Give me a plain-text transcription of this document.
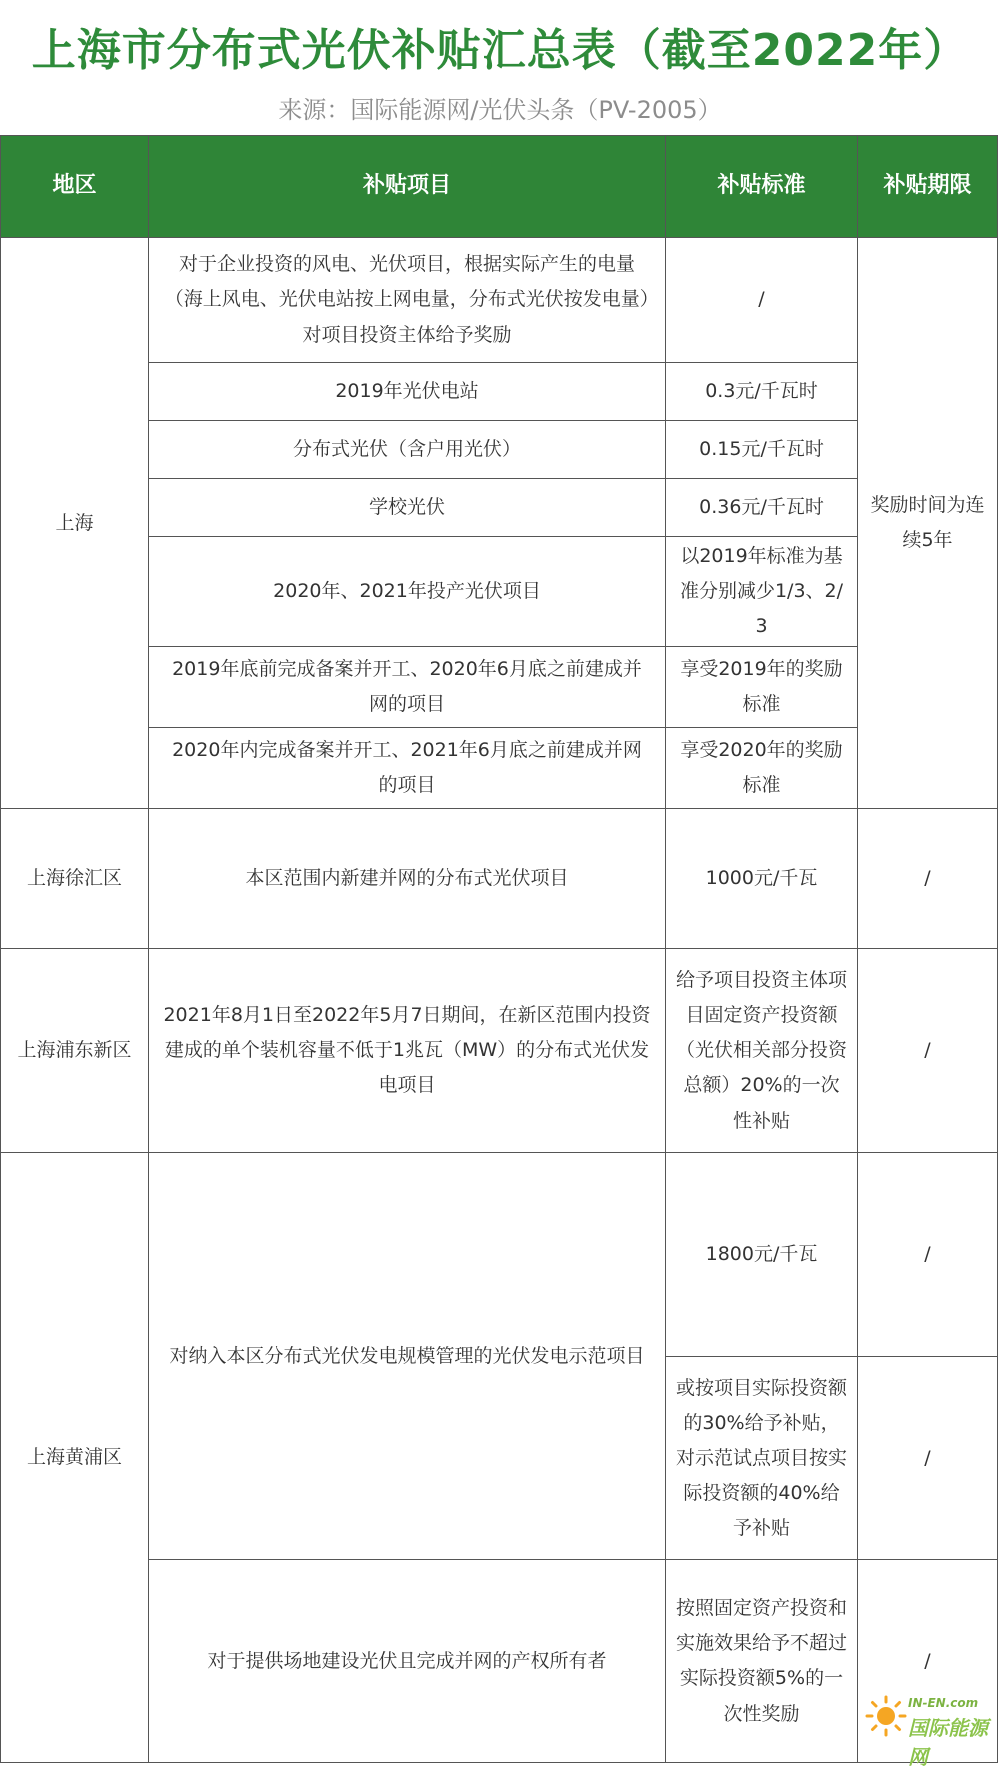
上海市分布式光伏补贴汇总表（截至2022年）
来源：国际能源网/光伏头条（PV-2005）
地区	补贴项目	补贴标准	补贴期限
上海	对于企业投资的风电、光伏项目，根据实际产生的电量（海上风电、光伏电站按上网电量，分布式光伏按发电量）对项目投资主体给予奖励	/	奖励时间为连续5年
	2019年光伏电站	0.3元/千瓦时	
	分布式光伏（含户用光伏）	0.15元/千瓦时	
	学校光伏	0.36元/千瓦时	
	2020年、2021年投产光伏项目	以2019年标准为基准分别减少1/3、2/3	
	2019年底前完成备案并开工、2020年6月底之前建成并网的项目	享受2019年的奖励标准	
	2020年内完成备案并开工、2021年6月底之前建成并网的项目	享受2020年的奖励标准	
上海徐汇区	本区范围内新建并网的分布式光伏项目	1000元/千瓦	/
上海浦东新区	2021年8月1日至2022年5月7日期间，在新区范围内投资建成的单个装机容量不低于1兆瓦（MW）的分布式光伏发电项目	给予项目投资主体项目固定资产投资额（光伏相关部分投资总额）20%的一次性补贴	/
上海黄浦区	对纳入本区分布式光伏发电规模管理的光伏发电示范项目	1800元/千瓦	/
		或按项目实际投资额的30%给予补贴，对示范试点项目按实际投资额的40%给予补贴	/
	对于提供场地建设光伏且完成并网的产权所有者	按照固定资产投资和实施效果给予不超过实际投资额5%的一次性奖励	/
IN-EN.com
国际能源网
